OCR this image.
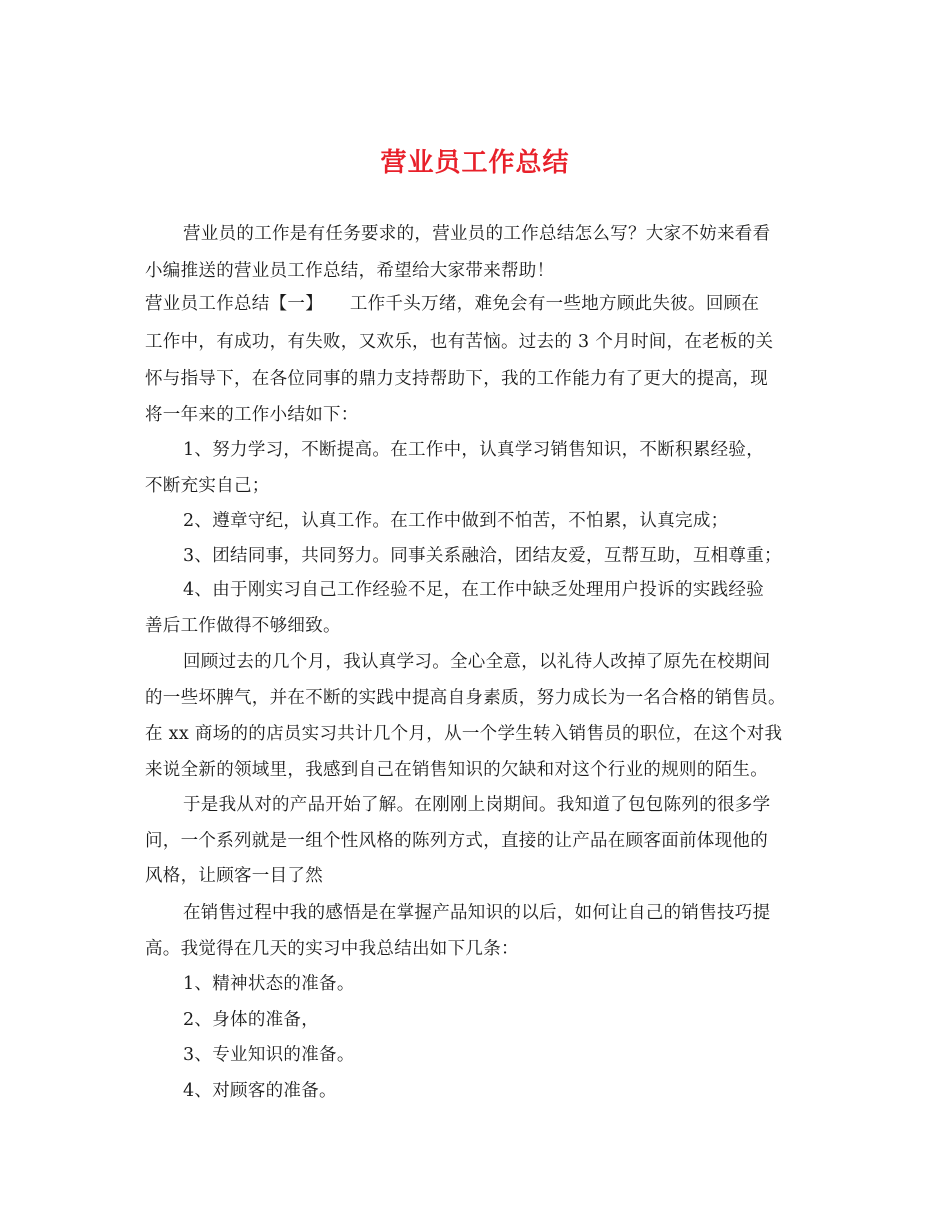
营业员工作总结
营业员的工作是有任务要求的，营业员的工作总结怎么写？大家不妨来看看
小编推送的营业员工作总结，希望给大家带来帮助！
营业员工作总结【一】　　工作千头万绪，难免会有一些地方顾此失彼。回顾在
工作中，有成功，有失败，又欢乐，也有苦恼。过去的 3 个月时间，在老板的关
怀与指导下，在各位同事的鼎力支持帮助下，我的工作能力有了更大的提高，现
将一年来的工作小结如下：
1、努力学习，不断提高。在工作中，认真学习销售知识，不断积累经验，
不断充实自己；
2、遵章守纪，认真工作。在工作中做到不怕苦，不怕累，认真完成；
3、团结同事，共同努力。同事关系融洽，团结友爱，互帮互助，互相尊重；
4、由于刚实习自己工作经验不足，在工作中缺乏处理用户投诉的实践经验
善后工作做得不够细致。
回顾过去的几个月，我认真学习。全心全意，以礼待人改掉了原先在校期间
的一些坏脾气，并在不断的实践中提高自身素质，努力成长为一名合格的销售员。
在 xx 商场的的店员实习共计几个月，从一个学生转入销售员的职位，在这个对我
来说全新的领域里，我感到自己在销售知识的欠缺和对这个行业的规则的陌生。
于是我从对的产品开始了解。在刚刚上岗期间。我知道了包包陈列的很多学
问，一个系列就是一组个性风格的陈列方式，直接的让产品在顾客面前体现他的
风格，让顾客一目了然
在销售过程中我的感悟是在掌握产品知识的以后，如何让自己的销售技巧提
高。我觉得在几天的实习中我总结出如下几条：
1、精神状态的准备。
2、身体的准备，
3、专业知识的准备。
4、对顾客的准备。
